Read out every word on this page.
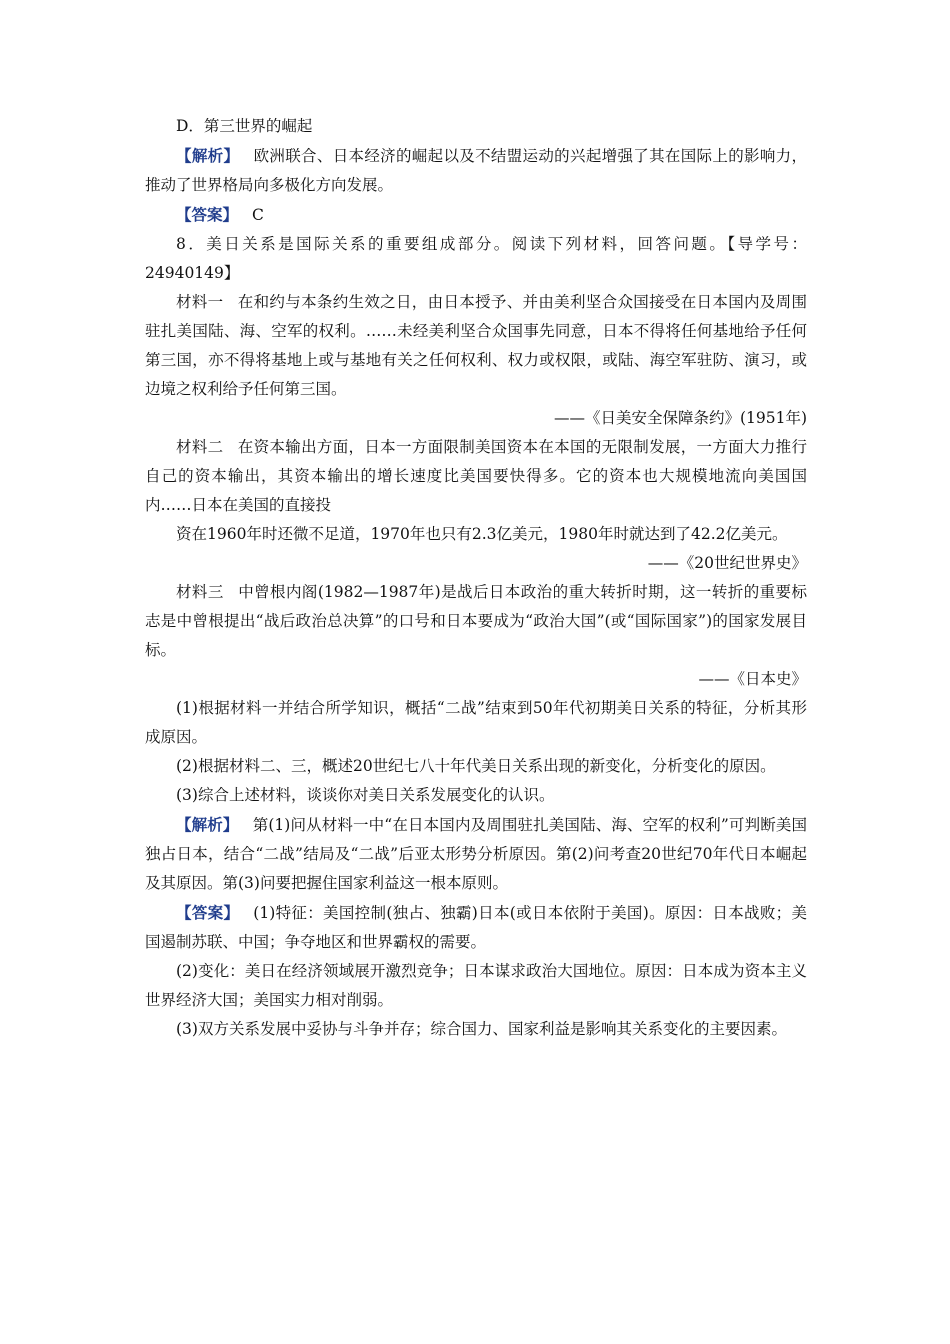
D．第三世界的崛起

【解析】 欧洲联合、日本经济的崛起以及不结盟运动的兴起增强了其在国际上的影响力，推动了世界格局向多极化方向发展。

【答案】 C

8．美日关系是国际关系的重要组成部分。阅读下列材料，回答问题。【导学号：24940149】

材料一 在和约与本条约生效之日，由日本授予、并由美利坚合众国接受在日本国内及周围驻扎美国陆、海、空军的权利。……未经美利坚合众国事先同意，日本不得将任何基地给予任何第三国，亦不得将基地上或与基地有关之任何权利、权力或权限，或陆、海空军驻防、演习，或边境之权利给予任何第三国。

——《日美安全保障条约》(1951年)

材料二 在资本输出方面，日本一方面限制美国资本在本国的无限制发展，一方面大力推行自己的资本输出，其资本输出的增长速度比美国要快得多。它的资本也大规模地流向美国国内……日本在美国的直接投

资在1960年时还微不足道，1970年也只有2.3亿美元，1980年时就达到了42.2亿美元。

——《20世纪世界史》

材料三 中曾根内阁(1982—1987年)是战后日本政治的重大转折时期，这一转折的重要标志是中曾根提出“战后政治总决算”的口号和日本要成为“政治大国”(或“国际国家”)的国家发展目标。

——《日本史》

(1)根据材料一并结合所学知识，概括“二战”结束到50年代初期美日关系的特征，分析其形成原因。

(2)根据材料二、三，概述20世纪七八十年代美日关系出现的新变化，分析变化的原因。

(3)综合上述材料，谈谈你对美日关系发展变化的认识。

【解析】 第(1)问从材料一中“在日本国内及周围驻扎美国陆、海、空军的权利”可判断美国独占日本，结合“二战”结局及“二战”后亚太形势分析原因。第(2)问考查20世纪70年代日本崛起及其原因。第(3)问要把握住国家利益这一根本原则。

【答案】 (1)特征：美国控制(独占、独霸)日本(或日本依附于美国)。原因：日本战败；美国遏制苏联、中国；争夺地区和世界霸权的需要。

(2)变化：美日在经济领域展开激烈竞争；日本谋求政治大国地位。原因：日本成为资本主义世界经济大国；美国实力相对削弱。

(3)双方关系发展中妥协与斗争并存；综合国力、国家利益是影响其关系变化的主要因素。
